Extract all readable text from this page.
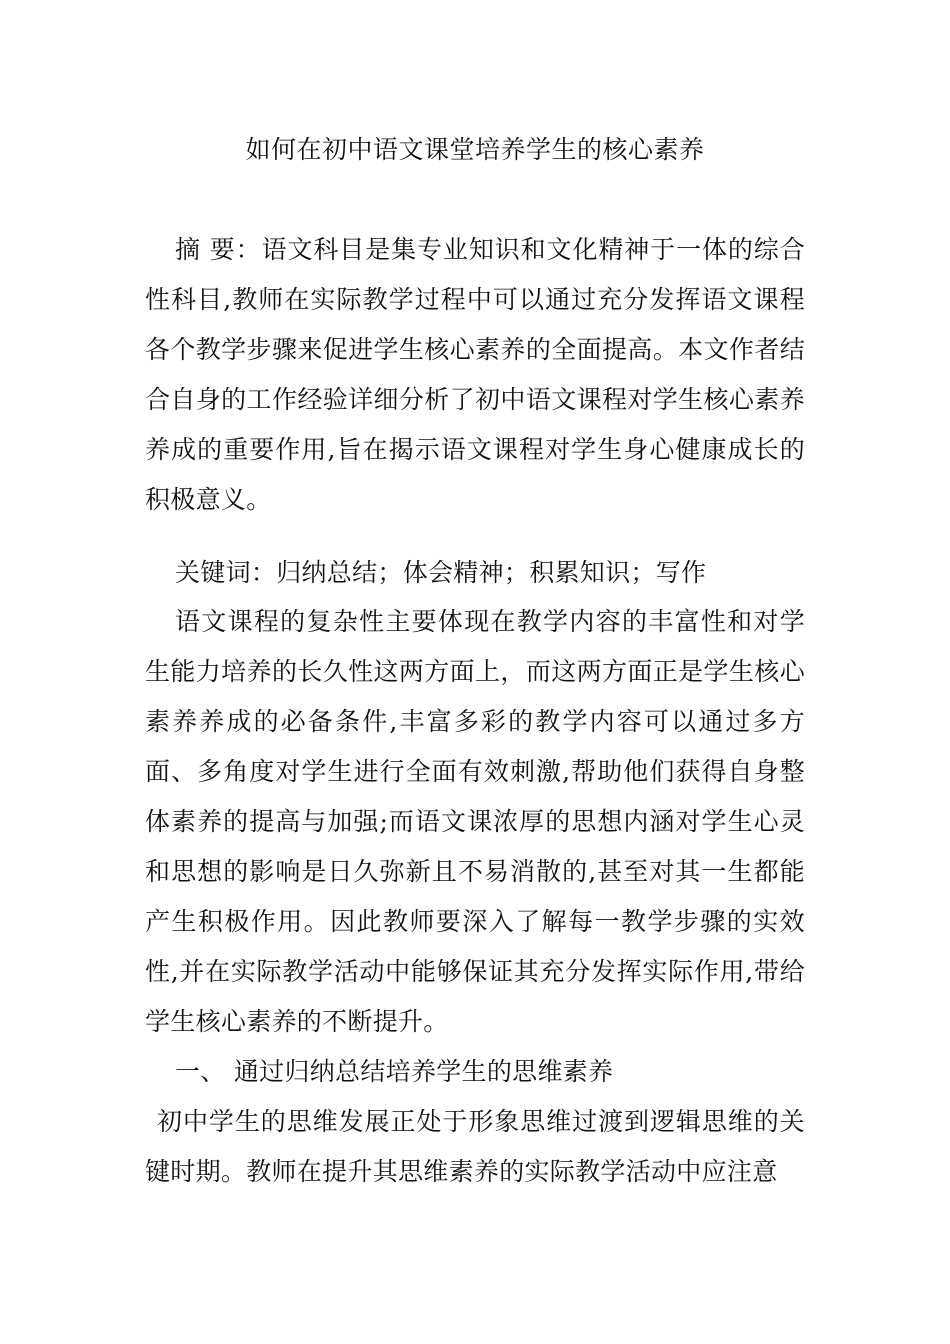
如何在初中语文课堂培养学生的核心素养
摘 要：语文科目是集专业知识和文化精神于一体的综合性科目,教师在实际教学过程中可以通过充分发挥语文课程各个教学步骤来促进学生核心素养的全面提高。本文作者结合自身的工作经验详细分析了初中语文课程对学生核心素养养成的重要作用,旨在揭示语文课程对学生身心健康成长的积极意义。
关键词：归纳总结；体会精神；积累知识；写作
语文课程的复杂性主要体现在教学内容的丰富性和对学生能力培养的长久性这两方面上，而这两方面正是学生核心素养养成的必备条件,丰富多彩的教学内容可以通过多方面、多角度对学生进行全面有效刺激,帮助他们获得自身整体素养的提高与加强;而语文课浓厚的思想内涵对学生心灵和思想的影响是日久弥新且不易消散的,甚至对其一生都能产生积极作用。因此教师要深入了解每一教学步骤的实效性,并在实际教学活动中能够保证其充分发挥实际作用,带给学生核心素养的不断提升。
一、 通过归纳总结培养学生的思维素养
初中学生的思维发展正处于形象思维过渡到逻辑思维的关键时期。教师在提升其思维素养的实际教学活动中应注意
